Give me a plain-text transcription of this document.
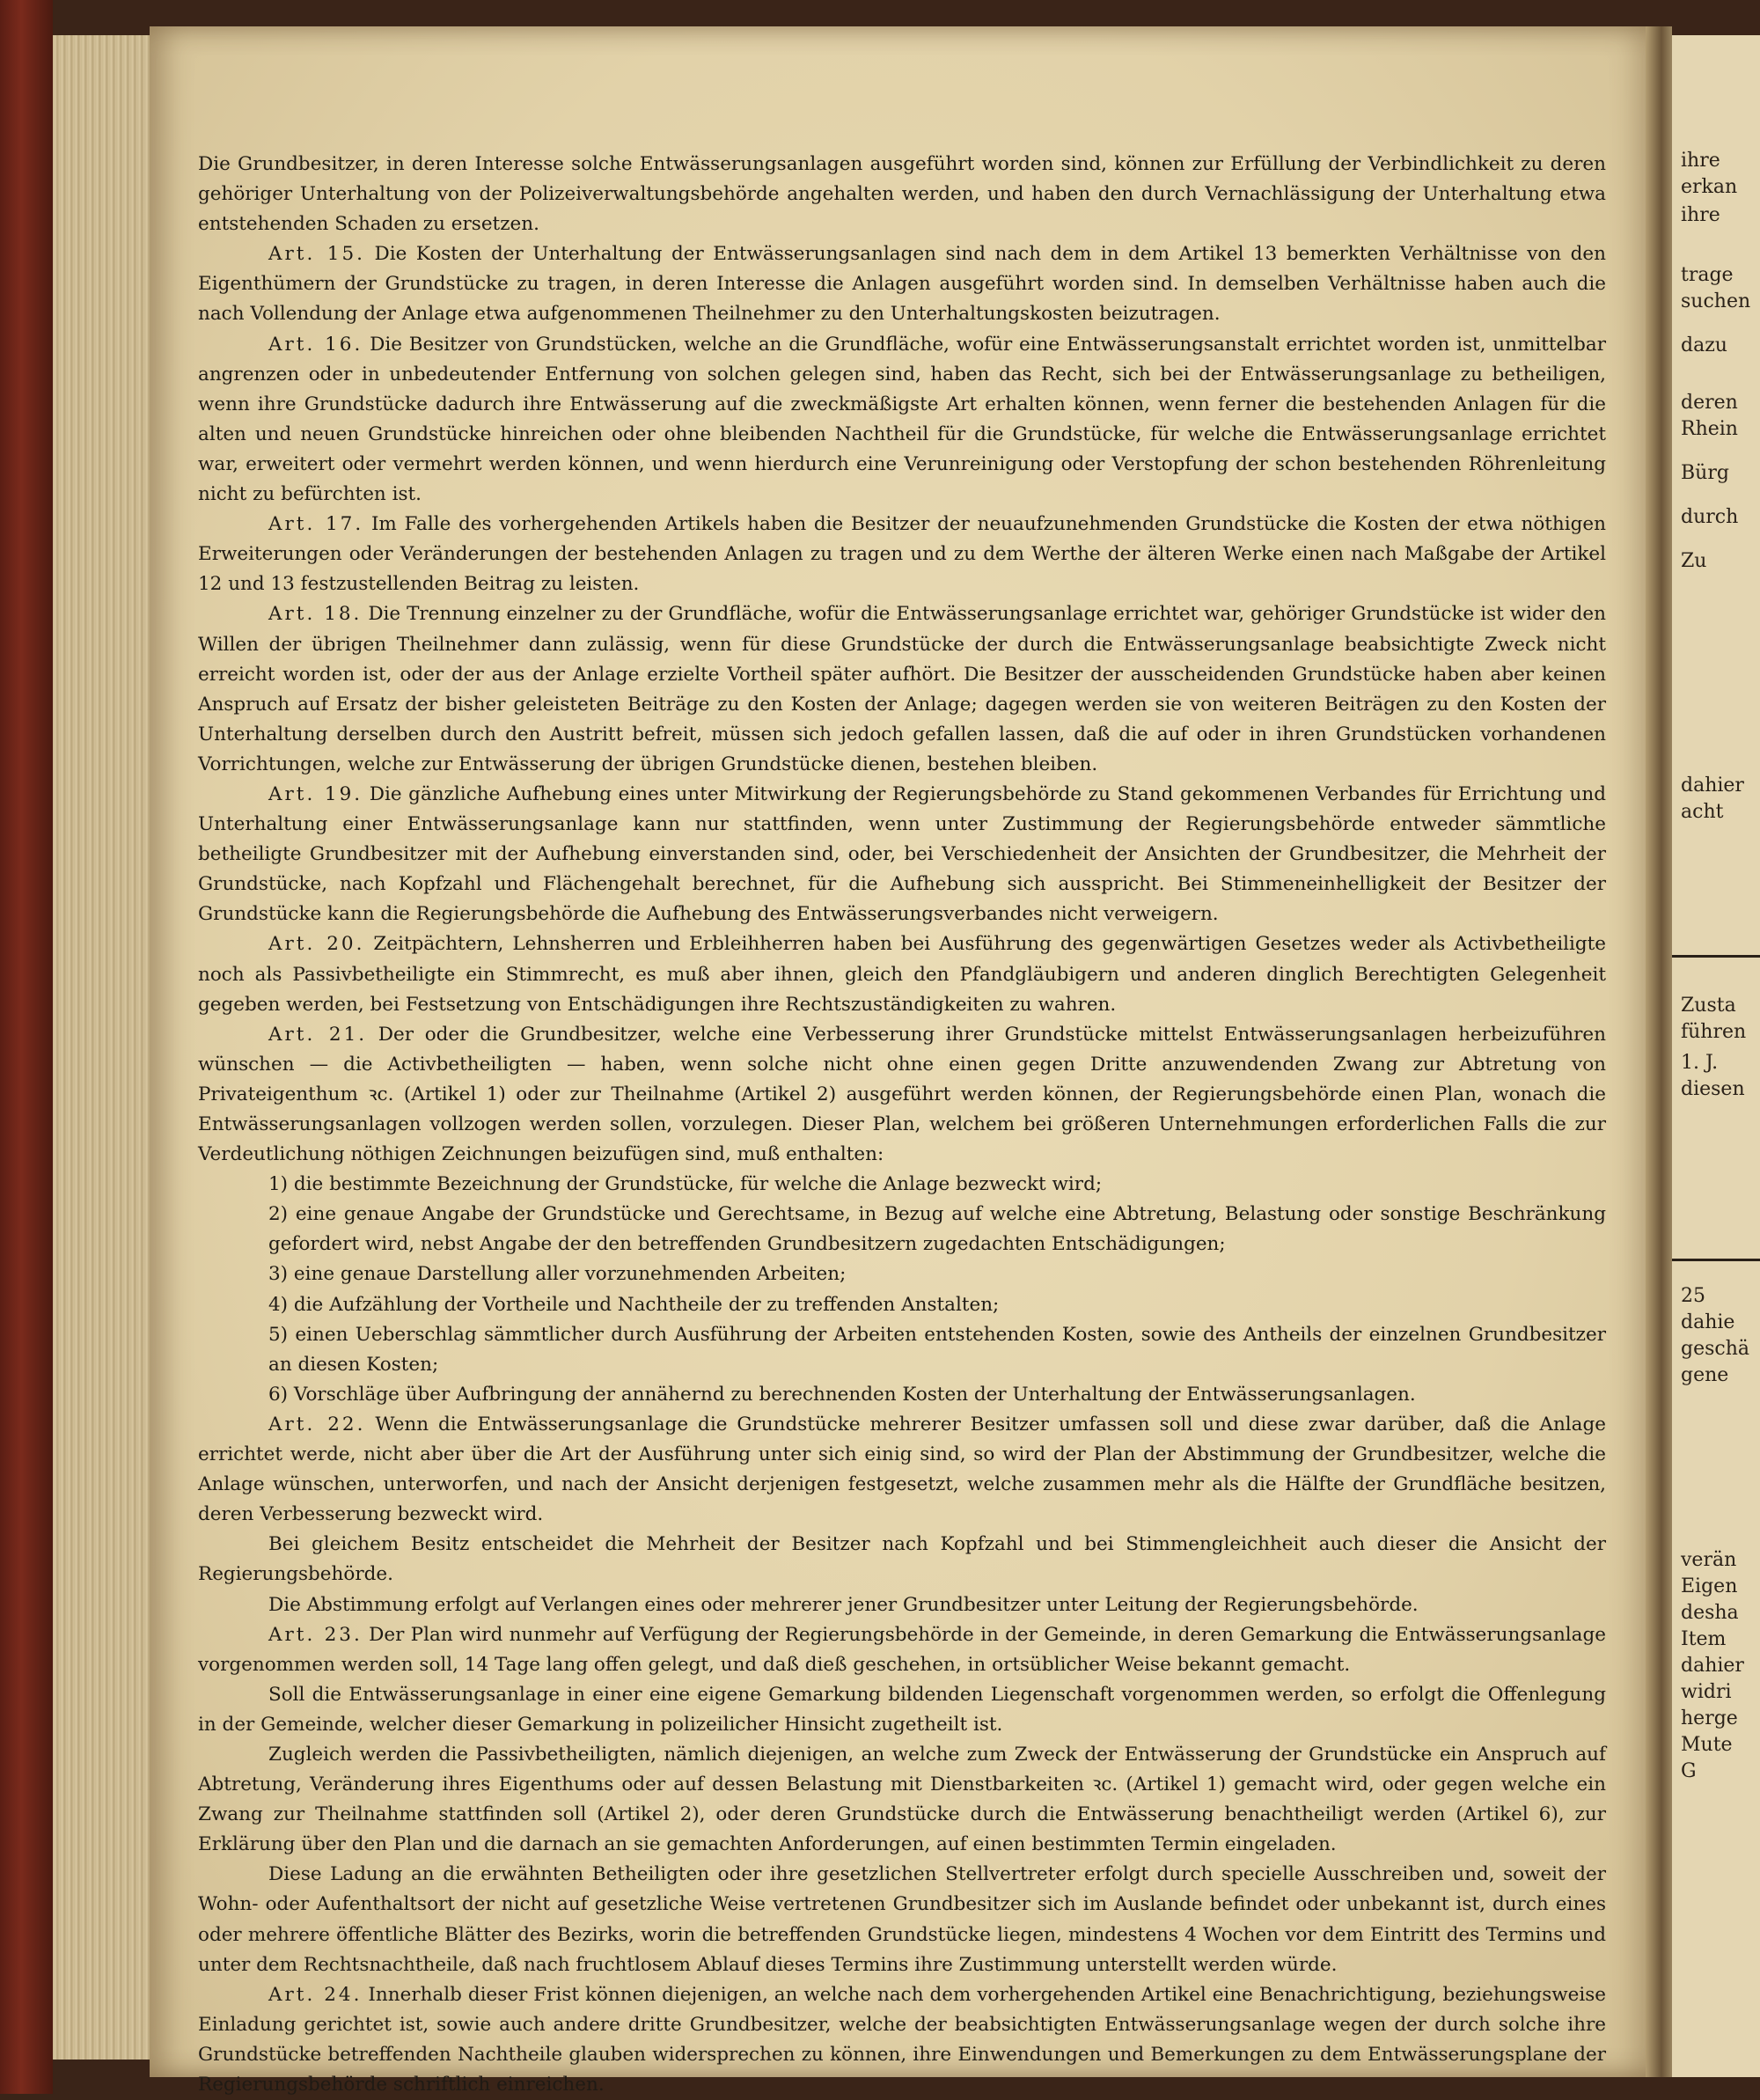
ihre
erkan
ihre
trage
suchen
dazu
deren
Rhein
Bürg
durch
Zu
dahier
acht
Zusta
führen
1. J.
diesen
25
dahie
geschä
gene
verän
Eigen
desha
Item
dahier
widri
herge
Mute
G

Die Grundbesitzer, in deren Interesse solche Entwässerungsanlagen ausgeführt worden sind, können zur Erfüllung der Verbindlichkeit zu deren gehöriger Unterhaltung von der Polizeiverwaltungsbehörde angehalten werden, und haben den durch Vernachlässigung der Unterhaltung etwa entstehenden Schaden zu ersetzen.

Art. 15. Die Kosten der Unterhaltung der Entwässerungsanlagen sind nach dem in dem Artikel 13 bemerkten Verhältnisse von den Eigenthümern der Grundstücke zu tragen, in deren Interesse die Anlagen ausgeführt worden sind. In demselben Verhältnisse haben auch die nach Vollendung der Anlage etwa aufgenommenen Theilnehmer zu den Unterhaltungskosten beizutragen.

Art. 16. Die Besitzer von Grundstücken, welche an die Grundfläche, wofür eine Entwässerungsanstalt errichtet worden ist, unmittelbar angrenzen oder in unbedeutender Entfernung von solchen gelegen sind, haben das Recht, sich bei der Entwässerungsanlage zu betheiligen, wenn ihre Grundstücke dadurch ihre Entwässerung auf die zweckmäßigste Art erhalten können, wenn ferner die bestehenden Anlagen für die alten und neuen Grundstücke hinreichen oder ohne bleibenden Nachtheil für die Grundstücke, für welche die Entwässerungsanlage errichtet war, erweitert oder vermehrt werden können, und wenn hierdurch eine Verunreinigung oder Verstopfung der schon bestehenden Röhrenleitung nicht zu befürchten ist.

Art. 17. Im Falle des vorhergehenden Artikels haben die Besitzer der neuaufzunehmenden Grundstücke die Kosten der etwa nöthigen Erweiterungen oder Veränderungen der bestehenden Anlagen zu tragen und zu dem Werthe der älteren Werke einen nach Maßgabe der Artikel 12 und 13 festzustellenden Beitrag zu leisten.

Art. 18. Die Trennung einzelner zu der Grundfläche, wofür die Entwässerungsanlage errichtet war, gehöriger Grundstücke ist wider den Willen der übrigen Theilnehmer dann zulässig, wenn für diese Grundstücke der durch die Entwässerungsanlage beabsichtigte Zweck nicht erreicht worden ist, oder der aus der Anlage erzielte Vortheil später aufhört. Die Besitzer der ausscheidenden Grundstücke haben aber keinen Anspruch auf Ersatz der bisher geleisteten Beiträge zu den Kosten der Anlage; dagegen werden sie von weiteren Beiträgen zu den Kosten der Unterhaltung derselben durch den Austritt befreit, müssen sich jedoch gefallen lassen, daß die auf oder in ihren Grundstücken vorhandenen Vorrichtungen, welche zur Entwässerung der übrigen Grundstücke dienen, bestehen bleiben.

Art. 19. Die gänzliche Aufhebung eines unter Mitwirkung der Regierungsbehörde zu Stand gekommenen Verbandes für Errichtung und Unterhaltung einer Entwässerungsanlage kann nur stattfinden, wenn unter Zustimmung der Regierungsbehörde entweder sämmtliche betheiligte Grundbesitzer mit der Aufhebung einverstanden sind, oder, bei Verschiedenheit der Ansichten der Grundbesitzer, die Mehrheit der Grundstücke, nach Kopfzahl und Flächengehalt berechnet, für die Aufhebung sich ausspricht. Bei Stimmeneinhelligkeit der Besitzer der Grundstücke kann die Regierungsbehörde die Aufhebung des Entwässerungsverbandes nicht verweigern.

Art. 20. Zeitpächtern, Lehnsherren und Erbleihherren haben bei Ausführung des gegenwärtigen Gesetzes weder als Activbetheiligte noch als Passivbetheiligte ein Stimmrecht, es muß aber ihnen, gleich den Pfandgläubigern und anderen dinglich Berechtigten Gelegenheit gegeben werden, bei Festsetzung von Entschädigungen ihre Rechtszuständigkeiten zu wahren.

Art. 21. Der oder die Grundbesitzer, welche eine Verbesserung ihrer Grundstücke mittelst Entwässerungsanlagen herbeizuführen wünschen — die Activbetheiligten — haben, wenn solche nicht ohne einen gegen Dritte anzuwendenden Zwang zur Abtretung von Privateigenthum ꝛc. (Artikel 1) oder zur Theilnahme (Artikel 2) ausgeführt werden können, der Regierungsbehörde einen Plan, wonach die Entwässerungsanlagen vollzogen werden sollen, vorzulegen. Dieser Plan, welchem bei größeren Unternehmungen erforderlichen Falls die zur Verdeutlichung nöthigen Zeichnungen beizufügen sind, muß enthalten:

1) die bestimmte Bezeichnung der Grundstücke, für welche die Anlage bezweckt wird;

2) eine genaue Angabe der Grundstücke und Gerechtsame, in Bezug auf welche eine Abtretung, Belastung oder sonstige Beschränkung gefordert wird, nebst Angabe der den betreffenden Grundbesitzern zugedachten Entschädigungen;

3) eine genaue Darstellung aller vorzunehmenden Arbeiten;

4) die Aufzählung der Vortheile und Nachtheile der zu treffenden Anstalten;

5) einen Ueberschlag sämmtlicher durch Ausführung der Arbeiten entstehenden Kosten, sowie des Antheils der einzelnen Grundbesitzer an diesen Kosten;

6) Vorschläge über Aufbringung der annähernd zu berechnenden Kosten der Unterhaltung der Entwässerungsanlagen.

Art. 22. Wenn die Entwässerungsanlage die Grundstücke mehrerer Besitzer umfassen soll und diese zwar darüber, daß die Anlage errichtet werde, nicht aber über die Art der Ausführung unter sich einig sind, so wird der Plan der Abstimmung der Grundbesitzer, welche die Anlage wünschen, unterworfen, und nach der Ansicht derjenigen festgesetzt, welche zusammen mehr als die Hälfte der Grundfläche besitzen, deren Verbesserung bezweckt wird.

Bei gleichem Besitz entscheidet die Mehrheit der Besitzer nach Kopfzahl und bei Stimmengleichheit auch dieser die Ansicht der Regierungsbehörde.

Die Abstimmung erfolgt auf Verlangen eines oder mehrerer jener Grundbesitzer unter Leitung der Regierungsbehörde.

Art. 23. Der Plan wird nunmehr auf Verfügung der Regierungsbehörde in der Gemeinde, in deren Gemarkung die Entwässerungsanlage vorgenommen werden soll, 14 Tage lang offen gelegt, und daß dieß geschehen, in ortsüblicher Weise bekannt gemacht.

Soll die Entwässerungsanlage in einer eine eigene Gemarkung bildenden Liegenschaft vorgenommen werden, so erfolgt die Offenlegung in der Gemeinde, welcher dieser Gemarkung in polizeilicher Hinsicht zugetheilt ist.

Zugleich werden die Passivbetheiligten, nämlich diejenigen, an welche zum Zweck der Entwässerung der Grundstücke ein Anspruch auf Abtretung, Veränderung ihres Eigenthums oder auf dessen Belastung mit Dienstbarkeiten ꝛc. (Artikel 1) gemacht wird, oder gegen welche ein Zwang zur Theilnahme stattfinden soll (Artikel 2), oder deren Grundstücke durch die Entwässerung benachtheiligt werden (Artikel 6), zur Erklärung über den Plan und die darnach an sie gemachten Anforderungen, auf einen bestimmten Termin eingeladen.

Diese Ladung an die erwähnten Betheiligten oder ihre gesetzlichen Stellvertreter erfolgt durch specielle Ausschreiben und, soweit der Wohn- oder Aufenthaltsort der nicht auf gesetzliche Weise vertretenen Grundbesitzer sich im Auslande befindet oder unbekannt ist, durch eines oder mehrere öffentliche Blätter des Bezirks, worin die betreffenden Grundstücke liegen, mindestens 4 Wochen vor dem Eintritt des Termins und unter dem Rechtsnachtheile, daß nach fruchtlosem Ablauf dieses Termins ihre Zustimmung unterstellt werden würde.

Art. 24. Innerhalb dieser Frist können diejenigen, an welche nach dem vorhergehenden Artikel eine Benachrichtigung, beziehungsweise Einladung gerichtet ist, sowie auch andere dritte Grundbesitzer, welche der beabsichtigten Entwässerungsanlage wegen der durch solche ihre Grundstücke betreffenden Nachtheile glauben widersprechen zu können, ihre Einwendungen und Bemerkungen zu dem Entwässerungsplane der Regierungsbehörde schriftlich einreichen.
